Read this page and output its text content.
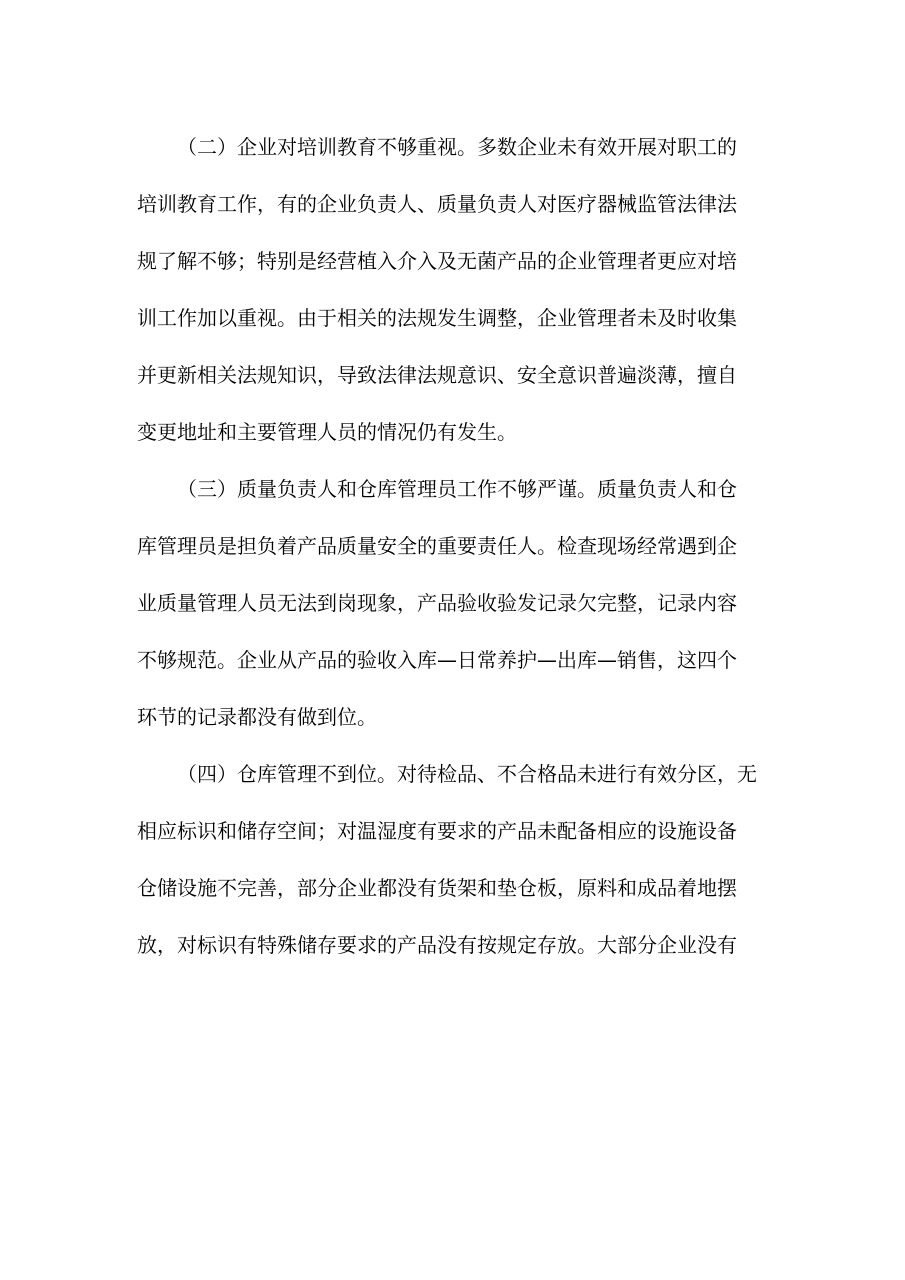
（二）企业对培训教育不够重视。多数企业未有效开展对职工的
培训教育工作，有的企业负责人、质量负责人对医疗器械监管法律法
规了解不够；特别是经营植入介入及无菌产品的企业管理者更应对培
训工作加以重视。由于相关的法规发生调整，企业管理者未及时收集
并更新相关法规知识，导致法律法规意识、安全意识普遍淡薄，擅自
变更地址和主要管理人员的情况仍有发生。
（三）质量负责人和仓库管理员工作不够严谨。质量负责人和仓
库管理员是担负着产品质量安全的重要责任人。检查现场经常遇到企
业质量管理人员无法到岗现象，产品验收验发记录欠完整，记录内容
不够规范。企业从产品的验收入库—日常养护—出库—销售，这四个
环节的记录都没有做到位。
（四）仓库管理不到位。对待检品、不合格品未进行有效分区，无
相应标识和储存空间；对温湿度有要求的产品未配备相应的设施设备
仓储设施不完善，部分企业都没有货架和垫仓板，原料和成品着地摆
放，对标识有特殊储存要求的产品没有按规定存放。大部分企业没有
